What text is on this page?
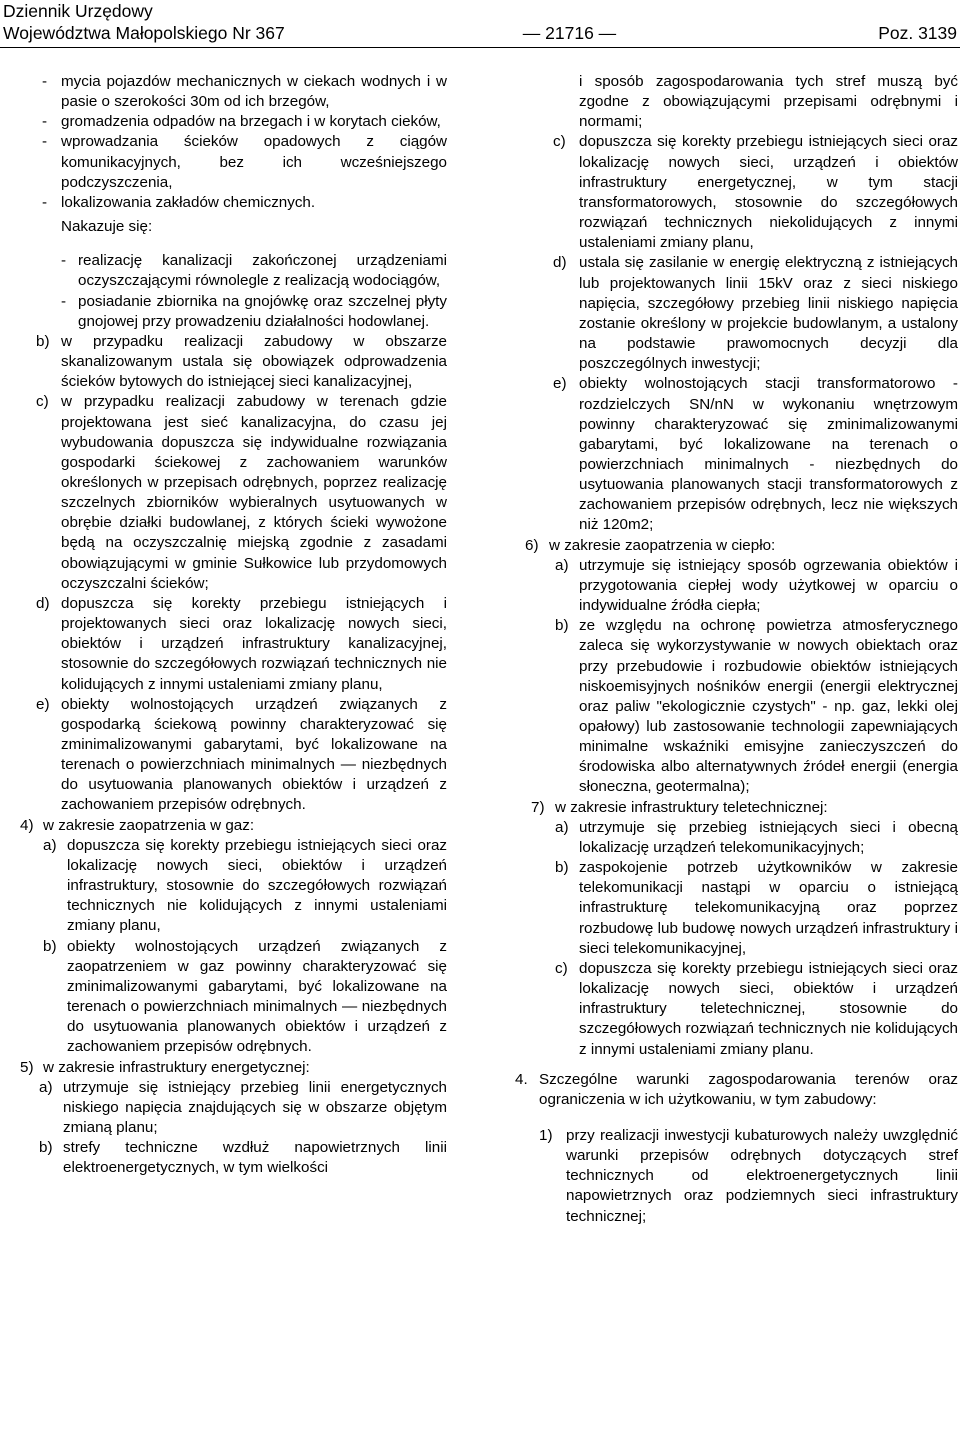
Dziennik Urzędowy
Województwa Małopolskiego Nr 367	— 21716 —	Poz. 3139
- mycia pojazdów mechanicznych w ciekach wodnych i w pasie o szerokości 30m od ich brzegów,
- gromadzenia odpadów na brzegach i w korytach cieków,
- wprowadzania ścieków opadowych z ciągów komunikacyjnych, bez ich wcześniejszego podczyszczenia,
- lokalizowania zakładów chemicznych.
Nakazuje się:
- realizację kanalizacji zakończonej urządzeniami oczyszczającymi równolegle z realizacją wodociągów,
- posiadanie zbiornika na gnojówkę oraz szczelnej płyty gnojowej przy prowadzeniu działalności hodowlanej.
b) w przypadku realizacji zabudowy w obszarze skanalizowanym ustala się obowiązek odprowadzenia ścieków bytowych do istniejącej sieci kanalizacyjnej,
c) w przypadku realizacji zabudowy w terenach gdzie projektowana jest sieć kanalizacyjna, do czasu jej wybudowania dopuszcza się indywidualne rozwiązania gospodarki ściekowej z zachowaniem warunków określonych w przepisach odrębnych, poprzez realizację szczelnych zbiorników wybieralnych usytuowanych w obrębie działki budowlanej, z których ścieki wywożone będą na oczyszczalnię miejską zgodnie z zasadami obowiązującymi w gminie Sułkowice lub przydomowych oczyszczalni ścieków;
d) dopuszcza się korekty przebiegu istniejących i projektowanych sieci oraz lokalizację nowych sieci, obiektów i urządzeń infrastruktury kanalizacyjnej, stosownie do szczegółowych rozwiązań technicznych nie kolidujących z innymi ustaleniami zmiany planu,
e) obiekty wolnostojących urządzeń związanych z gospodarką ściekową powinny charakteryzować się zminimalizowanymi gabarytami, być lokalizowane na terenach o powierzchniach minimalnych — niezbędnych do usytuowania planowanych obiektów i urządzeń z zachowaniem przepisów odrębnych.
4) w zakresie zaopatrzenia w gaz:
a) dopuszcza się korekty przebiegu istniejących sieci oraz lokalizację nowych sieci, obiektów i urządzeń infrastruktury, stosownie do szczegółowych rozwiązań technicznych nie kolidujących z innymi ustaleniami zmiany planu,
b) obiekty wolnostojących urządzeń związanych z zaopatrzeniem w gaz powinny charakteryzować się zminimalizowanymi gabarytami, być lokalizowane na terenach o powierzchniach minimalnych — niezbędnych do usytuowania planowanych obiektów i urządzeń z zachowaniem przepisów odrębnych.
5) w zakresie infrastruktury energetycznej:
a) utrzymuje się istniejący przebieg linii energetycznych niskiego napięcia znajdujących się w obszarze objętym zmianą planu;
b) strefy techniczne wzdłuż napowietrznych linii elektroenergetycznych, w tym wielkości
i sposób zagospodarowania tych stref muszą być zgodne z obowiązującymi przepisami odrębnymi i normami;
c) dopuszcza się korekty przebiegu istniejących sieci oraz lokalizację nowych sieci, urządzeń i obiektów infrastruktury energetycznej, w tym stacji transformatorowych, stosownie do szczegółowych rozwiązań technicznych niekolidujących z innymi ustaleniami zmiany planu,
d) ustala się zasilanie w energię elektryczną z istniejących lub projektowanych linii 15kV oraz z sieci niskiego napięcia, szczegółowy przebieg linii niskiego napięcia zostanie określony w projekcie budowlanym, a ustalony na podstawie prawomocnych decyzji dla poszczególnych inwestycji;
e) obiekty wolnostojących stacji transformatorowo - rozdzielczych SN/nN w wykonaniu wnętrzowym powinny charakteryzować się zminimalizowanymi gabarytami, być lokalizowane na terenach o powierzchniach minimalnych - niezbędnych do usytuowania planowanych stacji transformatorowych z zachowaniem przepisów odrębnych, lecz nie większych niż 120m2;
6) w zakresie zaopatrzenia w ciepło:
a) utrzymuje się istniejący sposób ogrzewania obiektów i przygotowania ciepłej wody użytkowej w oparciu o indywidualne źródła ciepła;
b) ze względu na ochronę powietrza atmosferycznego zaleca się wykorzystywanie w nowych obiektach oraz przy przebudowie i rozbudowie obiektów istniejących niskoemisyjnych nośników energii (energii elektrycznej oraz paliw "ekologicznie czystych" - np. gaz, lekki olej opałowy) lub zastosowanie technologii zapewniających minimalne wskaźniki emisyjne zanieczyszczeń do środowiska albo alternatywnych źródeł energii (energia słoneczna, geotermalna);
7) w zakresie infrastruktury teletechnicznej:
a) utrzymuje się przebieg istniejących sieci i obecną lokalizację urządzeń telekomunikacyjnych;
b) zaspokojenie potrzeb użytkowników w zakresie telekomunikacji nastąpi w oparciu o istniejącą infrastrukturę telekomunikacyjną oraz poprzez rozbudowę lub budowę nowych urządzeń infrastruktury i sieci telekomunikacyjnej,
c) dopuszcza się korekty przebiegu istniejących sieci oraz lokalizację nowych sieci, obiektów i urządzeń infrastruktury teletechnicznej, stosownie do szczegółowych rozwiązań technicznych nie kolidujących z innymi ustaleniami zmiany planu.
4. Szczególne warunki zagospodarowania terenów oraz ograniczenia w ich użytkowaniu, w tym zabudowy:
1) przy realizacji inwestycji kubaturowych należy uwzględnić warunki przepisów odrębnych dotyczących stref technicznych od elektroenergetycznych linii napowietrznych oraz podziemnych sieci infrastruktury technicznej;
